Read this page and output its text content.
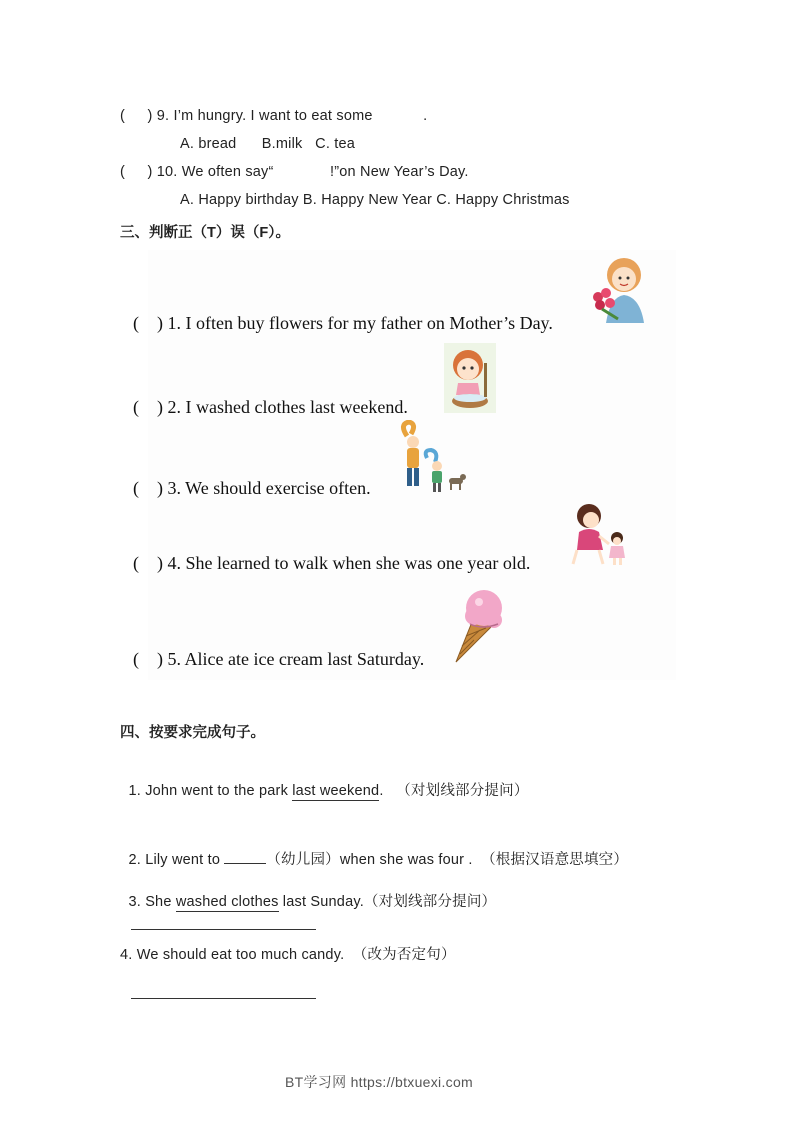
( ) 9. I’m hungry. I want to eat some	.
A. bread      B.milk   C. tea
( ) 10. We often say“	!”on New Year’s Day.
A. Happy birthday B. Happy New Year C. Happy Christmas
三、判断正（T）误（F）。
(    ) 1. I often buy flowers for my father on Mother’s Day.
(    ) 2. I washed clothes last weekend.
(    ) 3. We should exercise often.
(    ) 4. She learned to walk when she was one year old.
(    ) 5. Alice ate ice cream last Saturday.
四、按要求完成句子。

1. John went to the park last weekend.   （对划线部分提问）

2. Lily went to	（幼儿园）when she was four .  （根据汉语意思填空）

3. She washed clothes last Sunday.（对划线部分提问）

4. We should eat too much candy.  （改为否定句）
BT学习网 https://btxuexi.com
